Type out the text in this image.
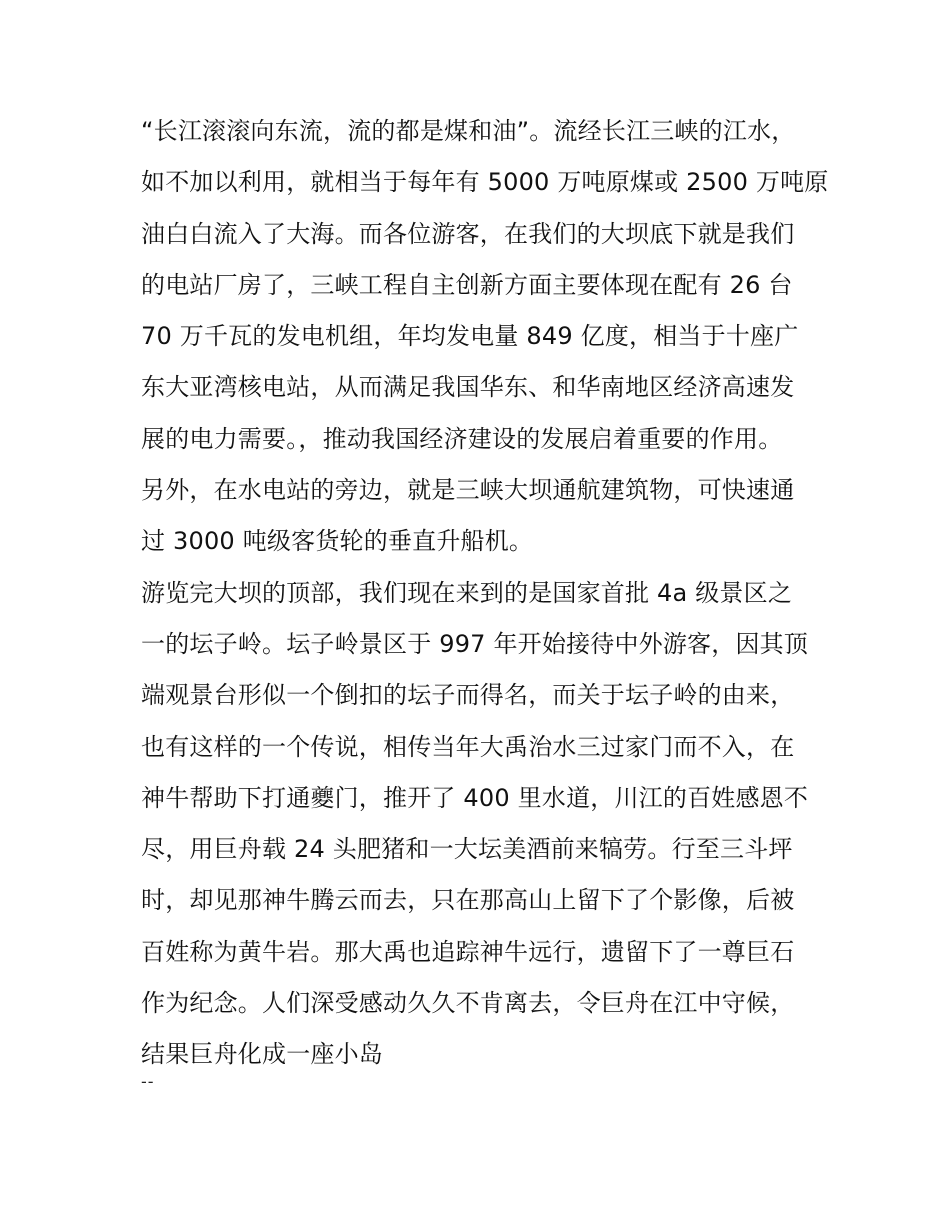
“长江滚滚向东流，流的都是煤和油”。流经长江三峡的江水，
如不加以利用，就相当于每年有 5000 万吨原煤或 2500 万吨原
油白白流入了大海。而各位游客，在我们的大坝底下就是我们
的电站厂房了，三峡工程自主创新方面主要体现在配有 26 台
70 万千瓦的发电机组，年均发电量 849 亿度，相当于十座广
东大亚湾核电站，从而满足我国华东、和华南地区经济高速发
展的电力需要。，推动我国经济建设的发展启着重要的作用。
另外，在水电站的旁边，就是三峡大坝通航建筑物，可快速通
过 3000 吨级客货轮的垂直升船机。
游览完大坝的顶部，我们现在来到的是国家首批 4a 级景区之
一的坛子岭。坛子岭景区于 997 年开始接待中外游客，因其顶
端观景台形似一个倒扣的坛子而得名，而关于坛子岭的由来，
也有这样的一个传说，相传当年大禹治水三过家门而不入，在
神牛帮助下打通夔门，推开了 400 里水道，川江的百姓感恩不
尽，用巨舟载 24 头肥猪和一大坛美酒前来犒劳。行至三斗坪
时，却见那神牛腾云而去，只在那高山上留下了个影像，后被
百姓称为黄牛岩。那大禹也追踪神牛远行，遗留下了一尊巨石
作为纪念。人们深受感动久久不肯离去，令巨舟在江中守候，
结果巨舟化成一座小岛
--
